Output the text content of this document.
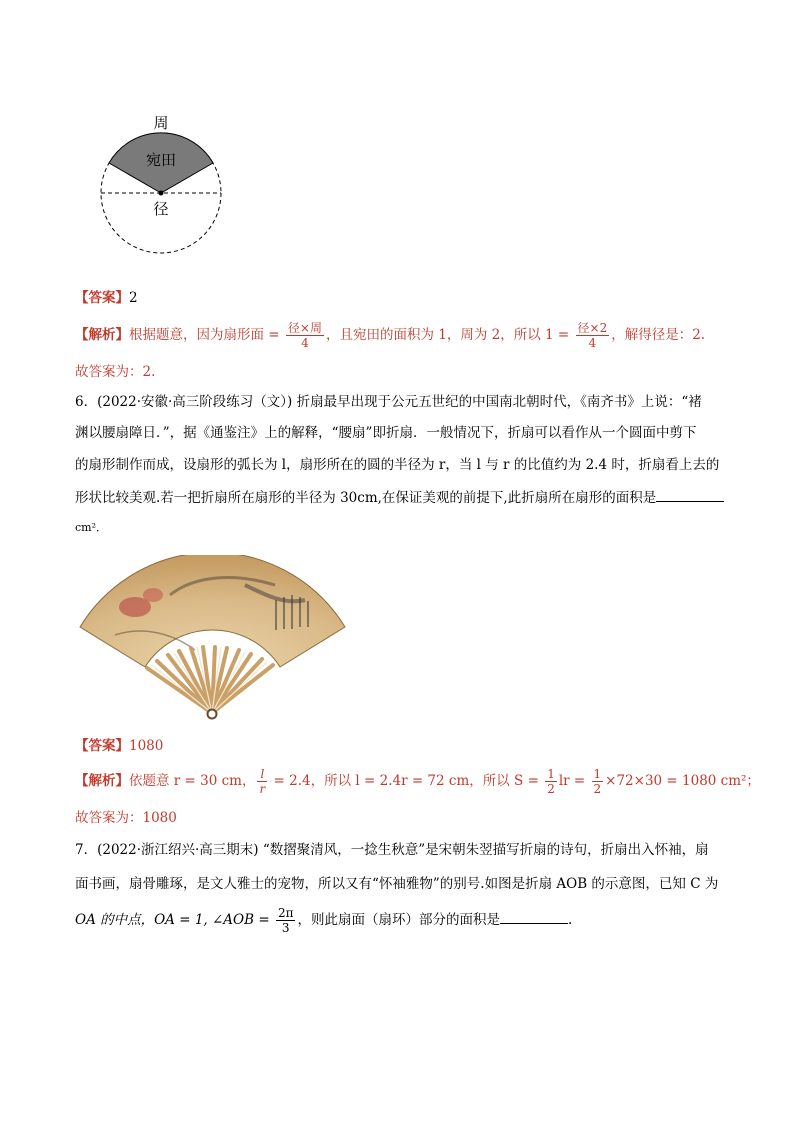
周
宛田
径
【答案】2
【解析】根据题意，因为扇形面 = $\frac{\text{径×周}}{4}$ ，且宛田的面积为 1，周为 2，所以 $1 = \frac{\text{径×2}}{4}$ ，解得径是：2.
故答案为：2.
6．(2022·安徽·高三阶段练习（文）) 折扇最早出现于公元五世纪的中国南北朝时代，《南齐书》上说：“褚
渊以腰扇障日．”，据《通鉴注》上的解释，“腰扇”即折扇．一般情况下，折扇可以看作从一个圆面中剪下
的扇形制作而成，设扇形的弧长为 l，扇形所在的圆的半径为 r，当 l 与 r 的比值约为 2.4 时，折扇看上去的
形状比较美观.若一把折扇所在扇形的半径为 30cm,在保证美观的前提下,此折扇所在扇形的面积是
cm²．
【答案】1080
【解析】依题意 r = 30 cm， $\frac{l}{r} = 2.4$，所以 l = 2.4r = 72 cm，所以 $S = \frac{1}{2}$ lr = $\frac{1}{2} \times 72\times 30 = 1080$ cm²；
故答案为：1080
7．(2022·浙江绍兴·高三期末) “数摺聚清风，一捻生秋意”是宋朝朱翌描写折扇的诗句，折扇出入怀袖，扇
面书画，扇骨雕琢，是文人雅士的宠物，所以又有“怀袖雅物”的别号.如图是折扇 AOB 的示意图，已知 C 为
OA 的中点，OA = 1, ∠AOB = $\frac{2\pi}{3}$ ，则此扇面（扇环）部分的面积是	.
